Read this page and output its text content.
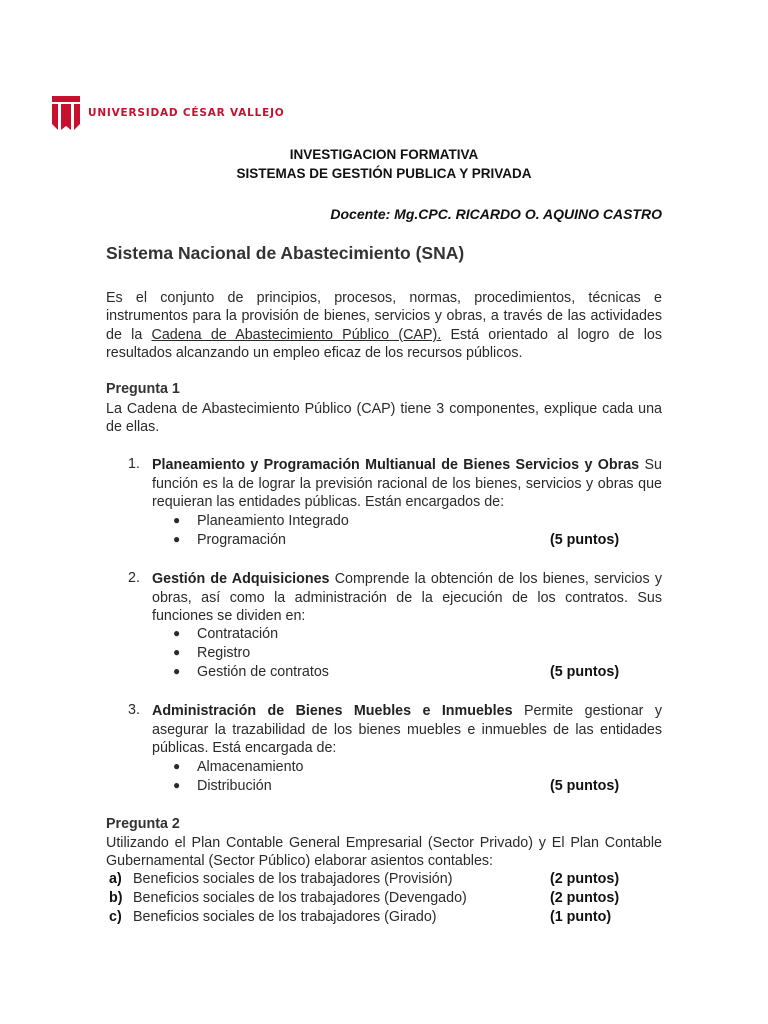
UNIVERSIDAD CÉSAR VALLEJO
INVESTIGACION FORMATIVA
SISTEMAS DE GESTIÓN PUBLICA Y PRIVADA
Docente: Mg.CPC. RICARDO O. AQUINO CASTRO
Sistema Nacional de Abastecimiento (SNA)
Es el conjunto de principios, procesos, normas, procedimientos, técnicas e instrumentos para la provisión de bienes, servicios y obras, a través de las actividades de la Cadena de Abastecimiento Público (CAP). Está orientado al logro de los resultados alcanzando un empleo eficaz de los recursos públicos.
Pregunta 1
La Cadena de Abastecimiento Público (CAP) tiene 3 componentes, explique cada una de ellas.
1. Planeamiento y Programación Multianual de Bienes Servicios y Obras Su función es la de lograr la previsión racional de los bienes, servicios y obras que requieran las entidades públicas. Están encargados de:
●	Planeamiento Integrado
●	Programación	(5 puntos)
2. Gestión de Adquisiciones Comprende la obtención de los bienes, servicios y obras, así como la administración de la ejecución de los contratos. Sus funciones se dividen en:
●	Contratación
●	Registro
●	Gestión de contratos	(5 puntos)
3. Administración de Bienes Muebles e Inmuebles Permite gestionar y asegurar la trazabilidad de los bienes muebles e inmuebles de las entidades públicas. Está encargada de:
●	Almacenamiento
●	Distribución	(5 puntos)
Pregunta 2
Utilizando el Plan Contable General Empresarial (Sector Privado) y El Plan Contable Gubernamental (Sector Público) elaborar asientos contables:
a) Beneficios sociales de los trabajadores (Provisión)	(2 puntos)
b) Beneficios sociales de los trabajadores (Devengado)	(2 puntos)
c) Beneficios sociales de los trabajadores (Girado)	(1 punto)
